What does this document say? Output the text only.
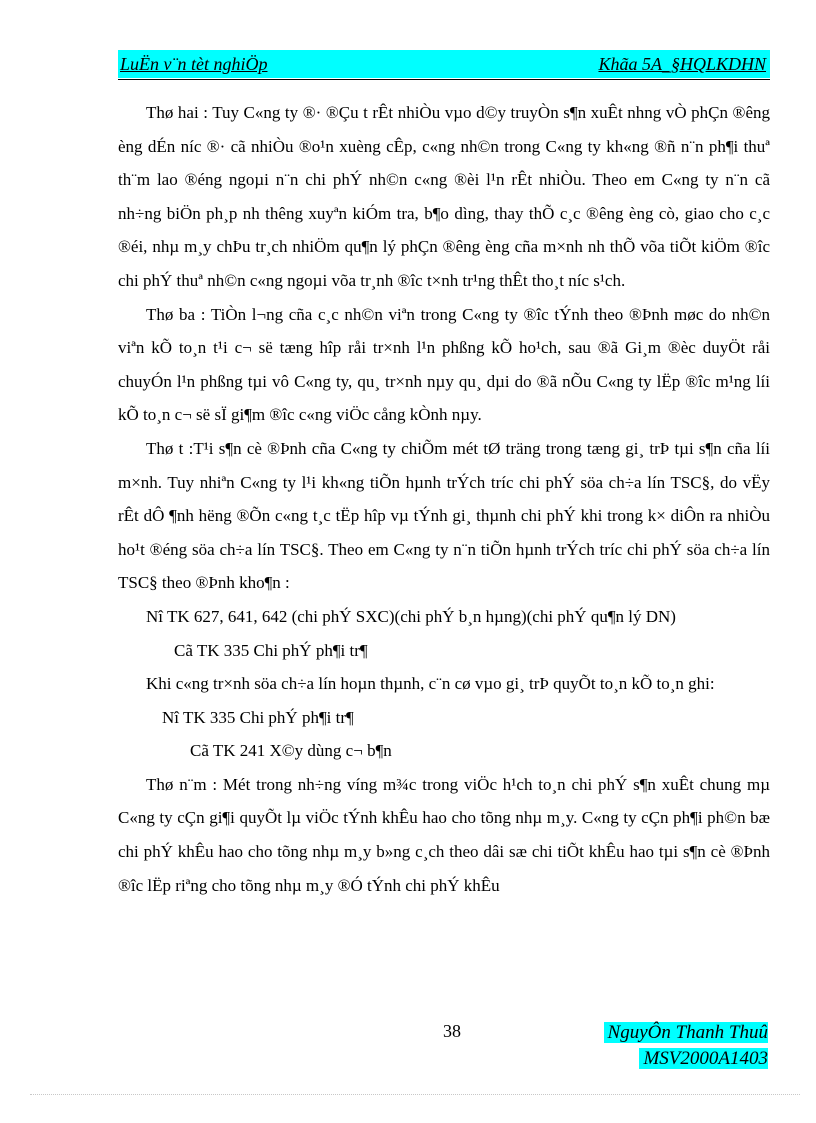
LuËn v¨n tèt nghiÖp	Khãa 5A_§HQLKDHN

Thø hai : Tuy C«ng ty ®· ®Çu t rÊt nhiÒu vµo d©y truyÒn s¶n xuÊt nhng vÒ phÇn ®êng èng dÉn níc ®· cã nhiÒu ®o¹n xuèng cÊp, c«ng nh©n trong C«ng ty kh«ng ®ñ n¨n ph¶i thuª th¨m lao ®éng ngoµi n¨n chi phÝ nh©n c«ng ®èi l¹n rÊt nhiÒu. Theo em C«ng ty n¨n cã nh÷ng biÖn ph¸p nh thêng xuyªn kiÓm tra, b¶o dìng, thay thÕ c¸c ®êng èng cò, giao cho c¸c ®éi, nhµ m¸y chÞu tr¸ch nhiÖm qu¶n lý phÇn ®êng èng cña m×nh nh thÕ võa tiÕt kiÖm ®îc chi phÝ thuª nh©n c«ng ngoµi võa tr¸nh ®îc t×nh tr¹ng thÊt tho¸t níc s¹ch.

Thø ba : TiÒn l¬ng cña c¸c nh©n viªn trong C«ng ty ®îc tÝnh theo ®Þnh møc do nh©n viªn kÕ to¸n t¹i c¬ së tæng hîp råi tr×nh l¹n phßng kÕ ho¹ch, sau ®ã Gi¸m ®èc duyÖt råi chuyÓn l¹n phßng tµi vô C«ng ty, qu¸ tr×nh nµy qu¸ dµi do ®ã nÕu C«ng ty lËp ®îc m¹ng líi kÕ to¸n c¬ së sÏ gi¶m ®îc c«ng viÖc cång kÒnh nµy.

Thø t :T¹i s¶n cè ®Þnh cña C«ng ty chiÕm mét tØ träng trong tæng gi¸ trÞ tµi s¶n cña líi m×nh. Tuy nhiªn C«ng ty l¹i kh«ng tiÕn hµnh trÝch tríc chi phÝ söa ch÷a lín TSC§, do vËy rÊt dÔ ¶nh hëng ®Õn c«ng t¸c tËp hîp vµ tÝnh gi¸ thµnh chi phÝ khi trong k× diÔn ra nhiÒu ho¹t ®éng söa ch÷a lín TSC§. Theo em C«ng ty n¨n tiÕn hµnh trÝch tríc chi phÝ söa ch÷a lín TSC§ theo ®Þnh kho¶n :

Nî TK 627, 641, 642 (chi phÝ SXC)(chi phÝ b¸n hµng)(chi phÝ qu¶n lý DN)

Cã TK 335 Chi phÝ ph¶i tr¶

Khi c«ng tr×nh söa ch÷a lín hoµn thµnh, c¨n cø vµo gi¸ trÞ quyÕt to¸n kÕ to¸n ghi:

Nî TK 335 Chi phÝ ph¶i tr¶

Cã TK 241 X©y dùng c¬ b¶n

Thø n¨m : Mét trong nh÷ng víng m¾c trong viÖc h¹ch to¸n chi phÝ s¶n xuÊt chung mµ C«ng ty cÇn gi¶i quyÕt lµ viÖc tÝnh khÊu hao cho tõng nhµ m¸y. C«ng ty cÇn ph¶i ph©n bæ chi phÝ khÊu hao cho tõng nhµ m¸y b»ng c¸ch theo dâi sæ chi tiÕt khÊu hao tµi s¶n cè ®Þnh ®îc lËp riªng cho tõng nhµ m¸y ®Ó tÝnh chi phÝ khÊu

38	NguyÔn Thanh Thuû
MSV2000A1403
